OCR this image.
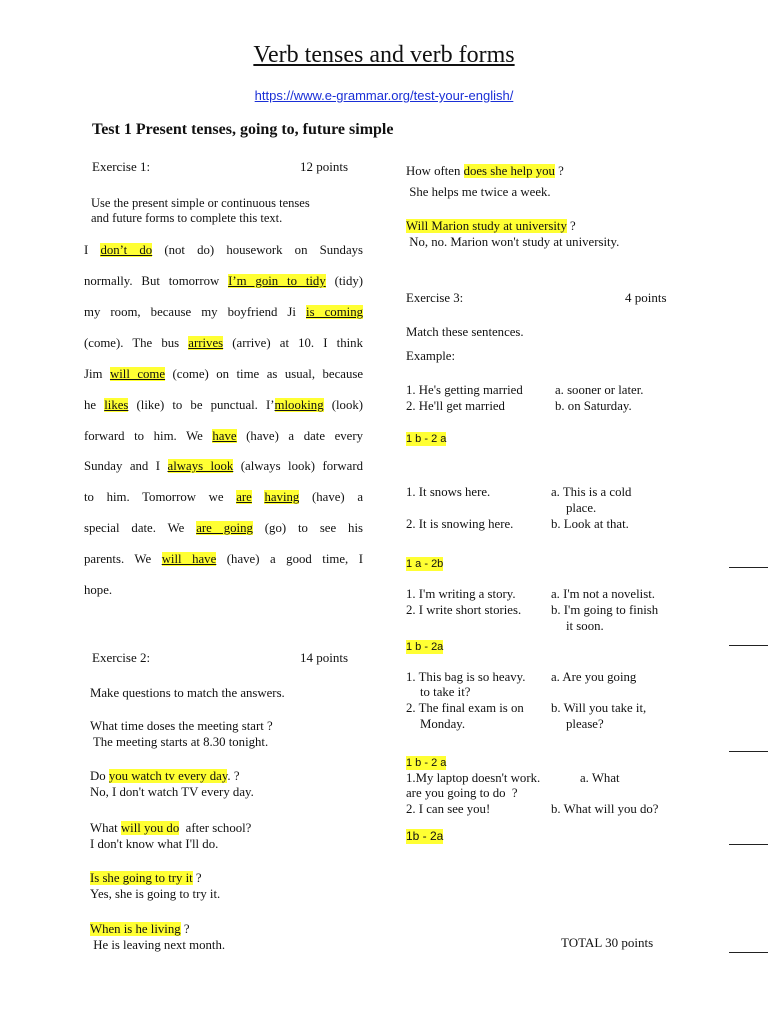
Verb tenses and verb forms
https://www.e-grammar.org/test-your-english/
Test 1 Present tenses, going to, future simple
Exercise 1:	12 points
Use the present simple or continuous tenses
and future forms to complete this text.
I don’t do (not do) housework on Sundays
normally. But tomorrow I’m goin to tidy (tidy)
my room, because my boyfriend Ji is coming
(come). The bus arrives (arrive) at 10. I think
Jim will come (come) on time as usual, because
he likes (like) to be punctual. I’mlooking (look)
forward to him. We have (have) a date every
Sunday and I always look (always look) forward
to him. Tomorrow we are having (have) a
special date. We are going (go) to see his
parents. We will have (have) a good time, I
hope.
Exercise 2:	14 points
Make questions to match the answers.
What time doses the meeting start ?
The meeting starts at 8.30 tonight.
Do you watch tv every day. ?
No, I don't watch TV every day.
What will you do  after school?
I don't know what I'll do.
Is she going to try it ?
Yes, she is going to try it.
When is he living ?
He is leaving next month.
How often does she help you ?
She helps me twice a week.
Will Marion study at university ?
No, no. Marion won't study at university.
Exercise 3:	4 points
Match these sentences.
Example:
1. He's getting married	a. sooner or later.
2. He'll get married	b. on Saturday.
1 b - 2 a
1. It snows here.	a. This is a cold
place.
2. It is snowing here.	b. Look at that.
1 a - 2b
1. I'm writing a story.	a. I'm not a novelist.
2. I write short stories. b. I'm going to finish
it soon.
1 b - 2a
1. This bag is so heavy. a. Are you going
to take it?
2. The final exam is on b. Will you take it,
Monday.	please?
1 b - 2 a
1.My laptop doesn't work.	a. What
are you going to do  ?
2. I can see you!	b. What will you do?
1b - 2a
TOTAL 30 points
